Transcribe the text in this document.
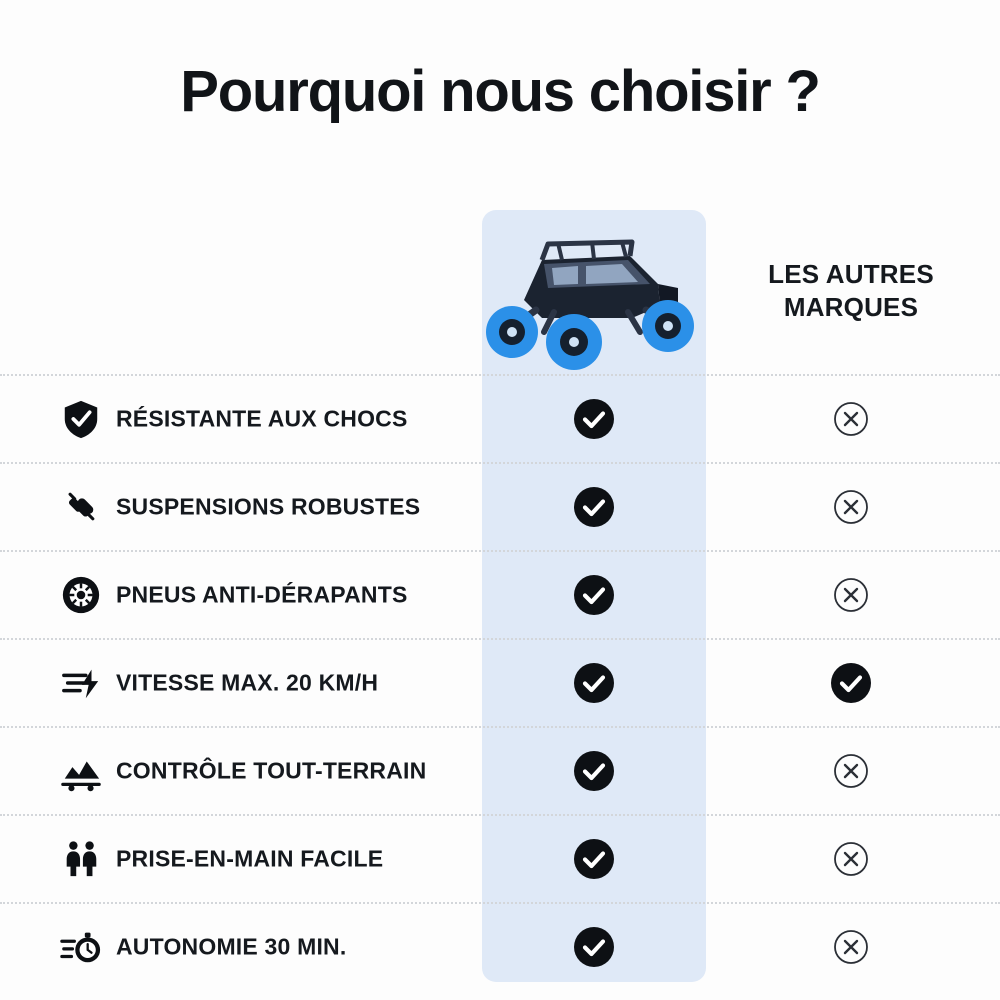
Pourquoi nous choisir ?
LES AUTRES MARQUES
RÉSISTANTE AUX CHOCS
SUSPENSIONS ROBUSTES
PNEUS ANTI-DÉRAPANTS
VITESSE MAX. 20 KM/H
CONTRÔLE TOUT-TERRAIN
PRISE-EN-MAIN FACILE
AUTONOMIE 30 MIN.
